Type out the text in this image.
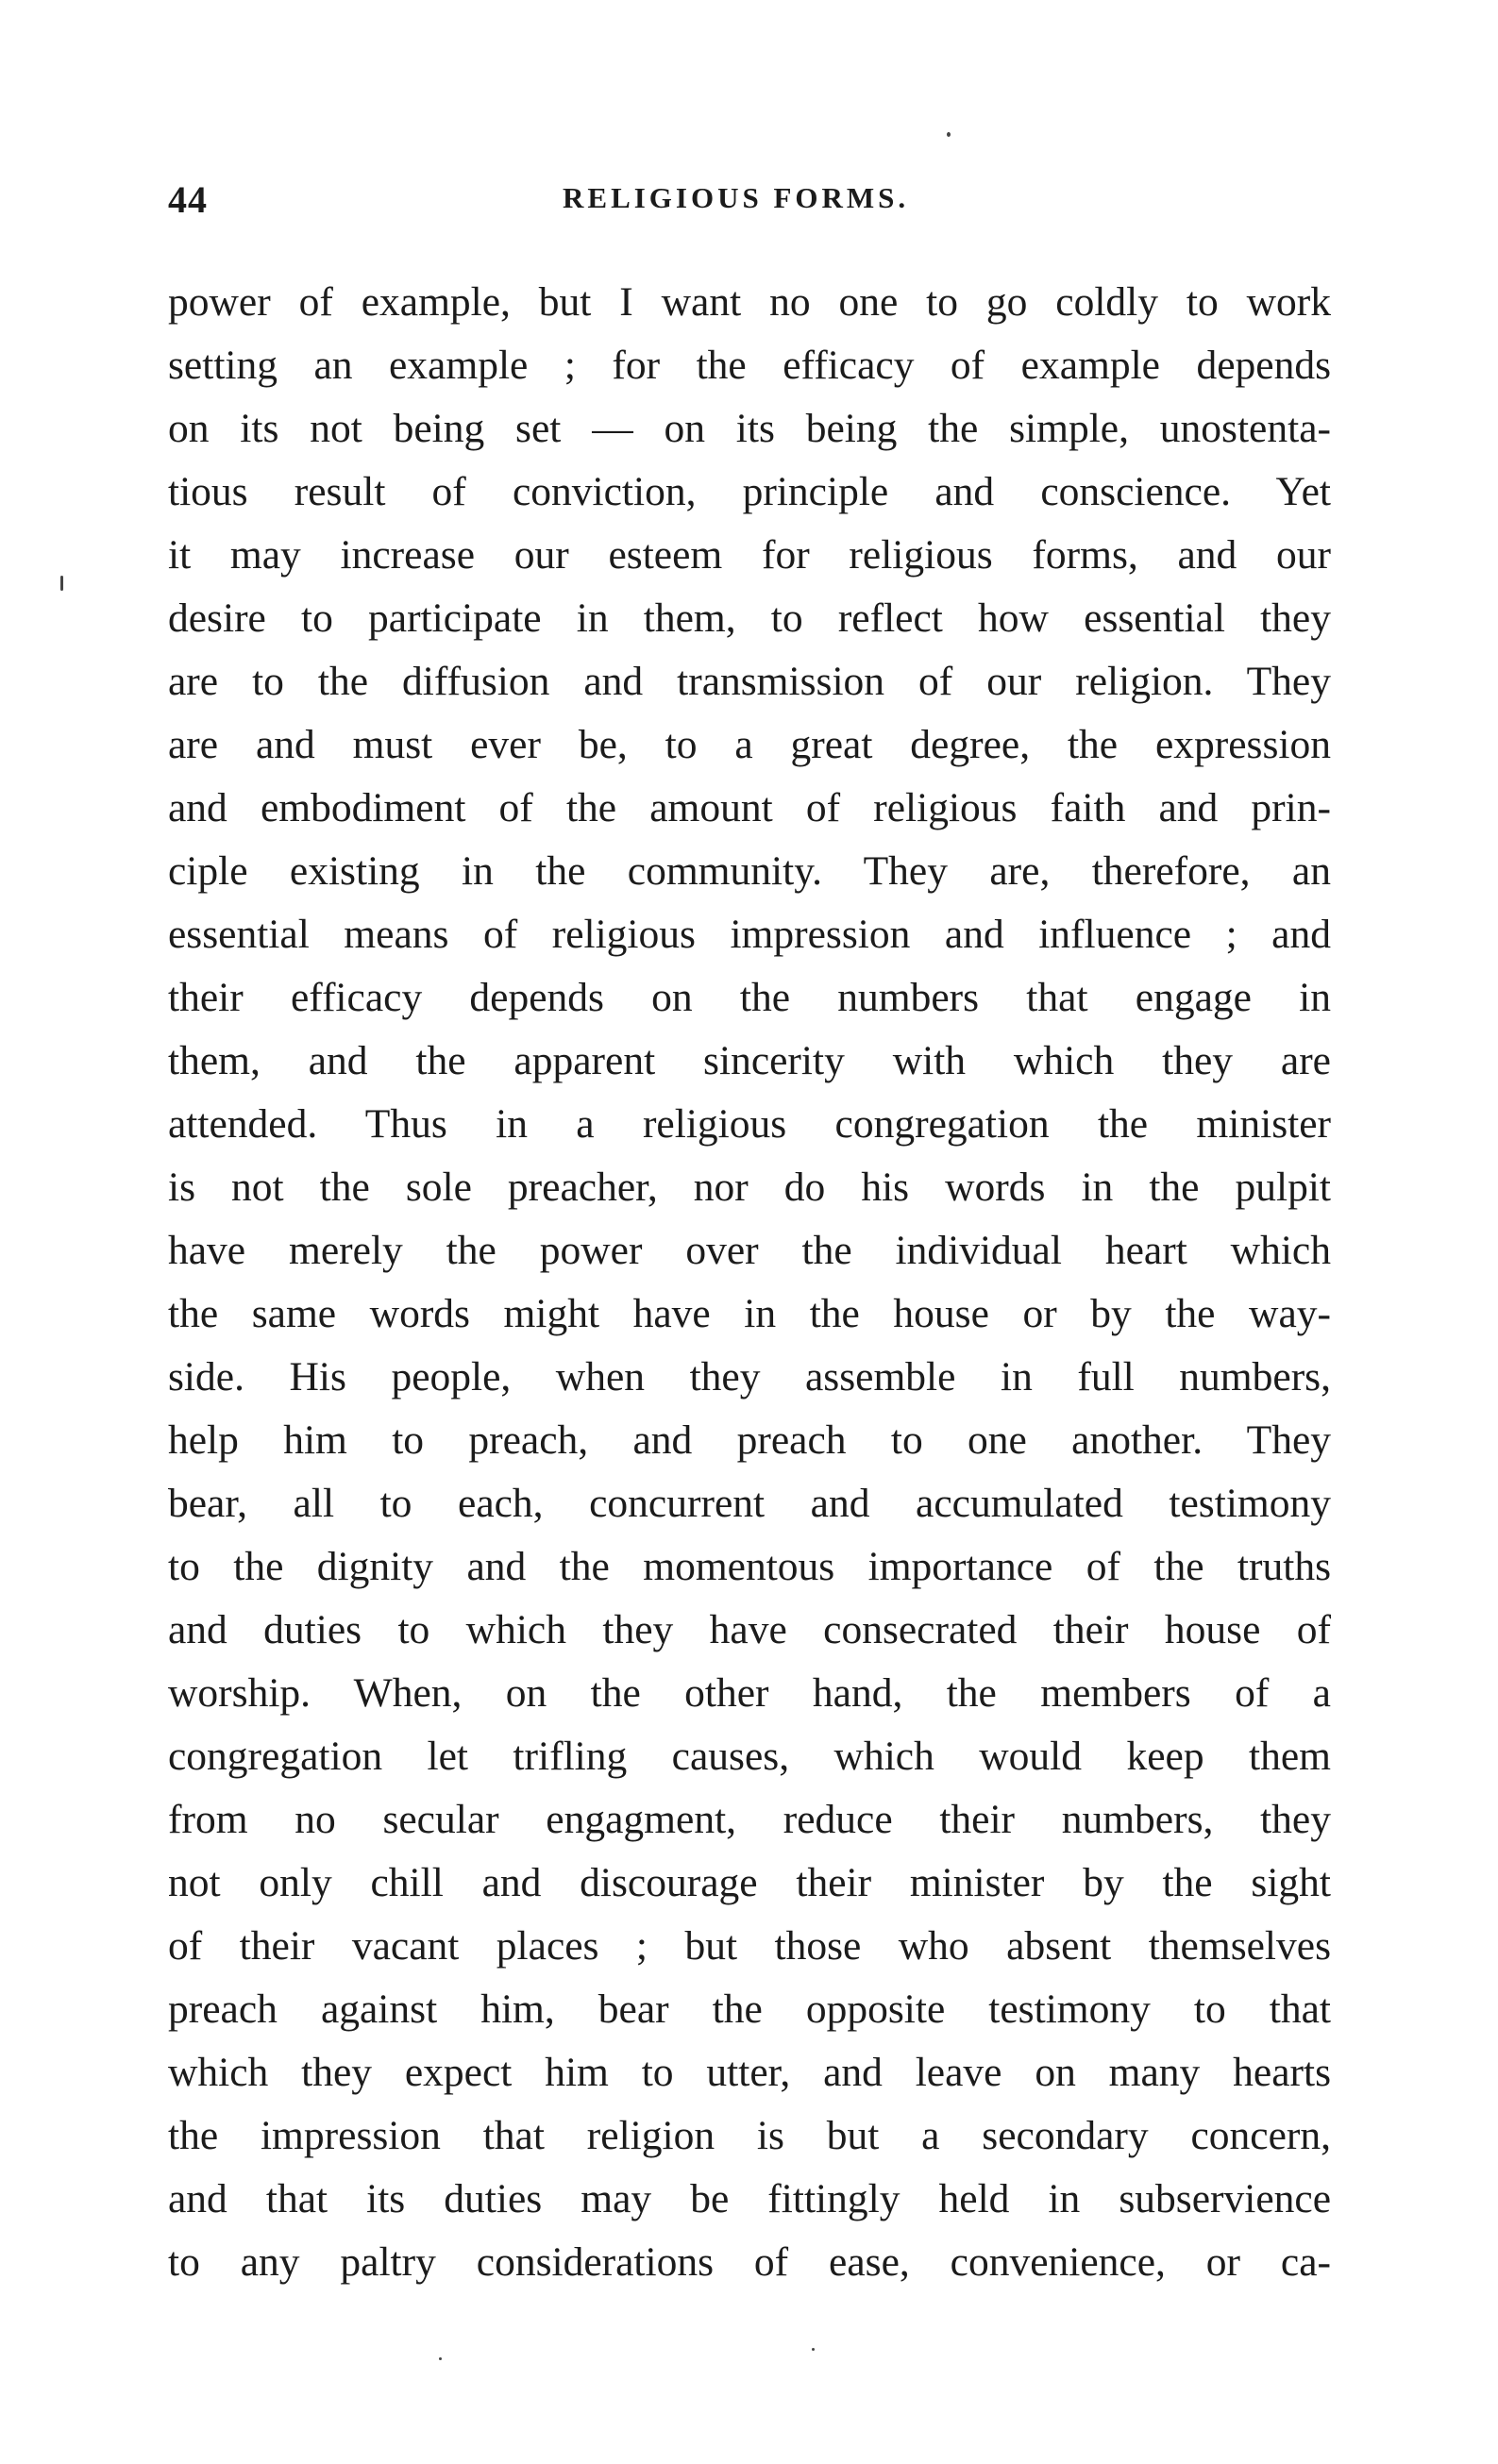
44	RELIGIOUS FORMS.
power of example, but I want no one to go coldly to work
setting an example ; for the efficacy of example depends
on its not being set — on its being the simple, unostenta-
tious result of conviction, principle and conscience. Yet
it may increase our esteem for religious forms, and our
desire to participate in them, to reflect how essential they
are to the diffusion and transmission of our religion. They
are and must ever be, to a great degree, the expression
and embodiment of the amount of religious faith and prin-
ciple existing in the community. They are, therefore, an
essential means of religious impression and influence ; and
their efficacy depends on the numbers that engage in
them, and the apparent sincerity with which they are
attended. Thus in a religious congregation the minister
is not the sole preacher, nor do his words in the pulpit
have merely the power over the individual heart which
the same words might have in the house or by the way-
side. His people, when they assemble in full numbers,
help him to preach, and preach to one another. They
bear, all to each, concurrent and accumulated testimony
to the dignity and the momentous importance of the truths
and duties to which they have consecrated their house of
worship. When, on the other hand, the members of a
congregation let trifling causes, which would keep them
from no secular engagment, reduce their numbers, they
not only chill and discourage their minister by the sight
of their vacant places ; but those who absent themselves
preach against him, bear the opposite testimony to that
which they expect him to utter, and leave on many hearts
the impression that religion is but a secondary concern,
and that its duties may be fittingly held in subservience
to any paltry considerations of ease, convenience, or ca-
